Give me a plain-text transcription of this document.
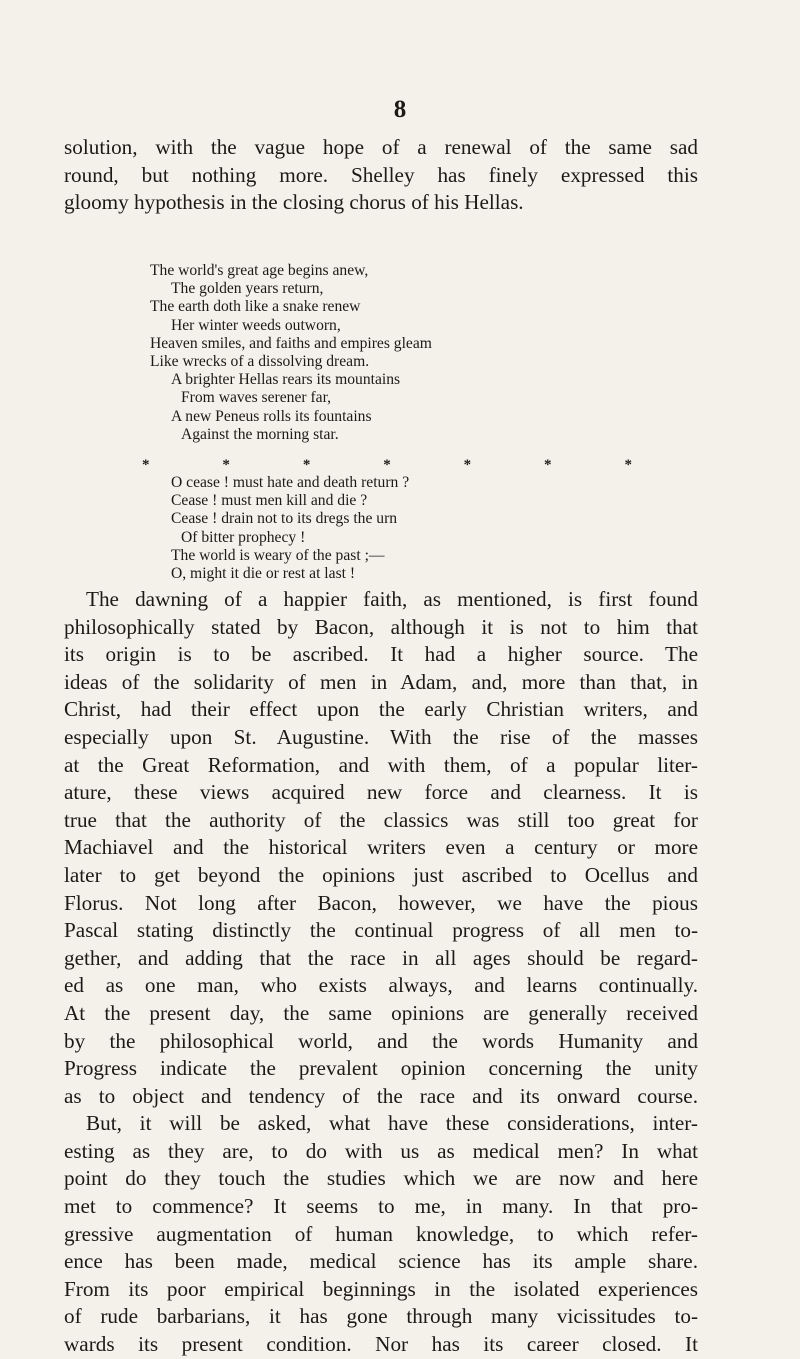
8
solution, with the vague hope of a renewal of the same sad
round, but nothing more. Shelley has finely expressed this
gloomy hypothesis in the closing chorus of his Hellas.
The world's great age begins anew,
The golden years return,
The earth doth like a snake renew
Her winter weeds outworn,
Heaven smiles, and faiths and empires gleam
Like wrecks of a dissolving dream.
A brighter Hellas rears its mountains
From waves serener far,
A new Peneus rolls its fountains
Against the morning star.
*	*	*	*	*	*	*
O cease ! must hate and death return ?
Cease ! must men kill and die ?
Cease ! drain not to its dregs the urn
Of bitter prophecy !
The world is weary of the past ;—
O, might it die or rest at last !
The dawning of a happier faith, as mentioned, is first found
philosophically stated by Bacon, although it is not to him that
its origin is to be ascribed. It had a higher source. The
ideas of the solidarity of men in Adam, and, more than that, in
Christ, had their effect upon the early Christian writers, and
especially upon St. Augustine. With the rise of the masses
at the Great Reformation, and with them, of a popular liter-
ature, these views acquired new force and clearness. It is
true that the authority of the classics was still too great for
Machiavel and the historical writers even a century or more
later to get beyond the opinions just ascribed to Ocellus and
Florus. Not long after Bacon, however, we have the pious
Pascal stating distinctly the continual progress of all men to-
gether, and adding that the race in all ages should be regard-
ed as one man, who exists always, and learns continually.
At the present day, the same opinions are generally received
by the philosophical world, and the words Humanity and
Progress indicate the prevalent opinion concerning the unity
as to object and tendency of the race and its onward course.
But, it will be asked, what have these considerations, inter-
esting as they are, to do with us as medical men? In what
point do they touch the studies which we are now and here
met to commence? It seems to me, in many. In that pro-
gressive augmentation of human knowledge, to which refer-
ence has been made, medical science has its ample share.
From its poor empirical beginnings in the isolated experiences
of rude barbarians, it has gone through many vicissitudes to-
wards its present condition. Nor has its career closed. It
